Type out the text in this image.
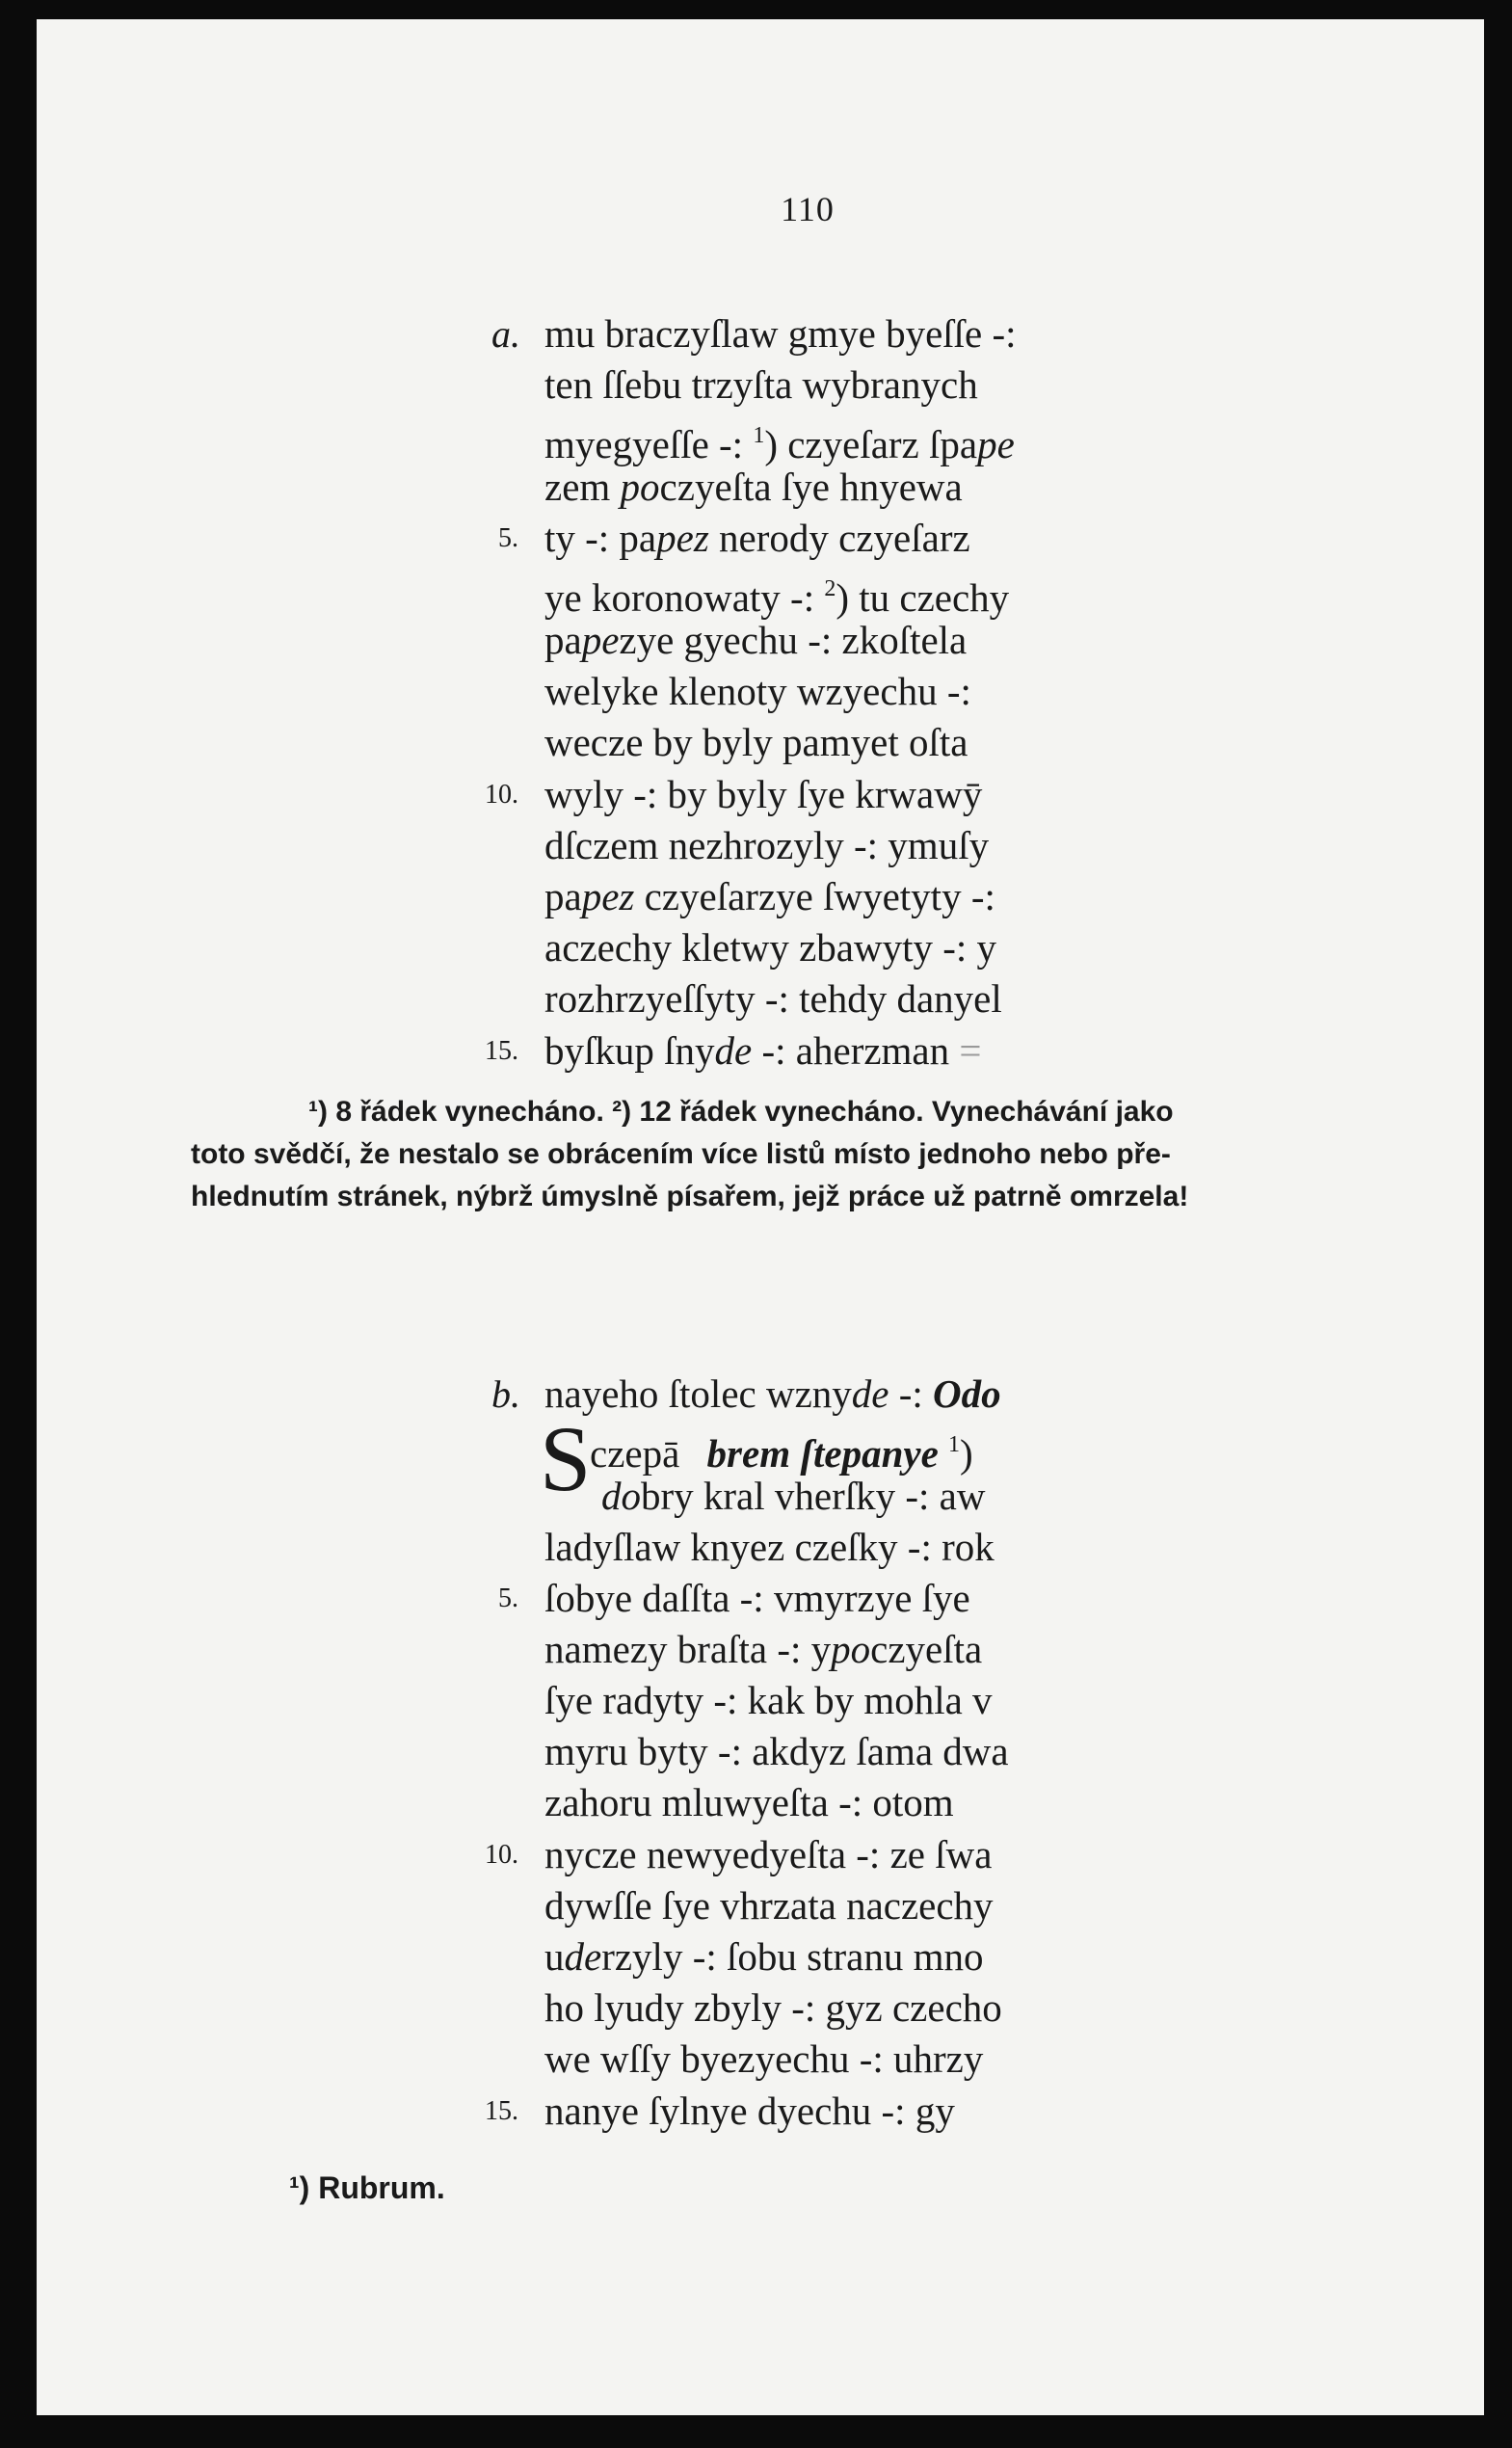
110
a.
5.
10.
15.
mu braczyſlaw gmye byeſſe -:
ten ſſebu trzyſta wybranych
myegyeſſe -: $^1$) czyeſarz ſpape
zem poczyeſta ſye hnyewa
ty -: papez nerody czyeſarz
ye koronowaty -: $^2$) tu czechy
papezye gyechu -: zkoſtela
welyke klenoty wzyechu -:
wecze by byly pamyet oſta
wyly -: by byly ſye krwawȳ
dſczem nezhrozyly -: ymuſy
papez czyeſarzye ſwyetyty -:
aczechy kletwy zbawyty -: y
rozhrzyeſſyty -: tehdy danyel
byſkup ſnyde -: aherzman =
¹) 8 řádek vynecháno. ²) 12 řádek vynecháno. Vynechávání jako
toto svědčí, že nestalo se obrácením více listů místo jednoho nebo pře-
hlednutím stránek, nýbrž úmyslně písařem, jejž práce už patrně omrzela!
b.
5.
10.
15.
S
nayeho ſtolec wznyde -: Odo
czepā brem ſtepanye $^1$)
dobry kral vherſky -: aw
ladyſlaw knyez czeſky -: rok
ſobye daſſta -: vmyrzye ſye
namezy braſta -: ypoczyeſta
ſye radyty -: kak by mohla v
myru byty -: akdyz ſama dwa
zahoru mluwyeſta -: otom
nycze newyedyeſta -: ze ſwa
dywſſe ſye vhrzata naczechy
uderzyly -: ſobu stranu mno
ho lyudy zbyly -: gyz czecho
we wſſy byezyechu -: uhrzy
nanye ſylnye dyechu -: gy
¹) Rubrum.
